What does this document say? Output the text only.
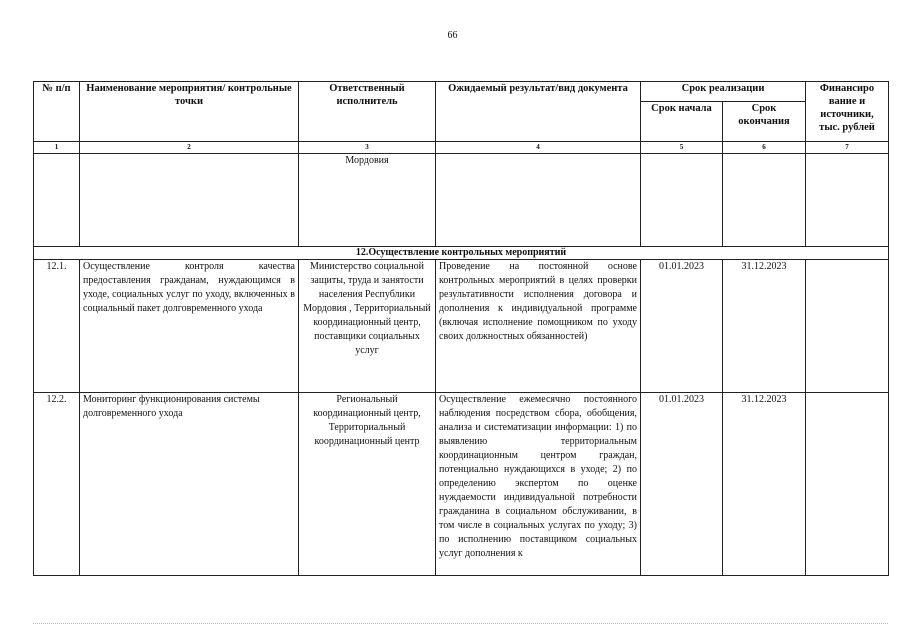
66
№ п/п	Наименование мероприятия/ контрольные точки	Ответственный исполнитель	Ожидаемый результат/вид документа	Срок реализации		Финансиро вание и источники, тыс. рублей
				Срок начала	Срок окончания	
1	2	3	4	5	6	7
		Мордовия				
12.Осуществление контрольных мероприятий						
12.1.	Осуществление контроля качества предоставления гражданам, нуждающимся в уходе, социальных услуг по уходу, включенных в социальный пакет долговременного ухода	Министерство социальной защиты, труда и занятости населения Республики Мордовия , Территориальный координационный центр, поставщики социальных услуг	Проведение на постоянной основе контрольных мероприятий в целях проверки результативности исполнения договора и дополнения к индивидуальной программе (включая исполнение помощником по уходу своих должностных обязанностей)	01.01.2023	31.12.2023	
12.2.	Мониторинг функционирования системы долговременного ухода	Региональный координационный центр, Территориальный координационный центр	Осуществление ежемесячно постоянного наблюдения посредством сбора, обобщения, анализа и систематизации информации: 1) по выявлению территориальным координационным центром граждан, потенциально нуждающихся в уходе; 2) по определению экспертом по оценке нуждаемости индивидуальной потребности гражданина в социальном обслуживании, в том числе в социальных услугах по уходу; 3) по исполнению поставщиком социальных услуг дополнения к	01.01.2023	31.12.2023	
